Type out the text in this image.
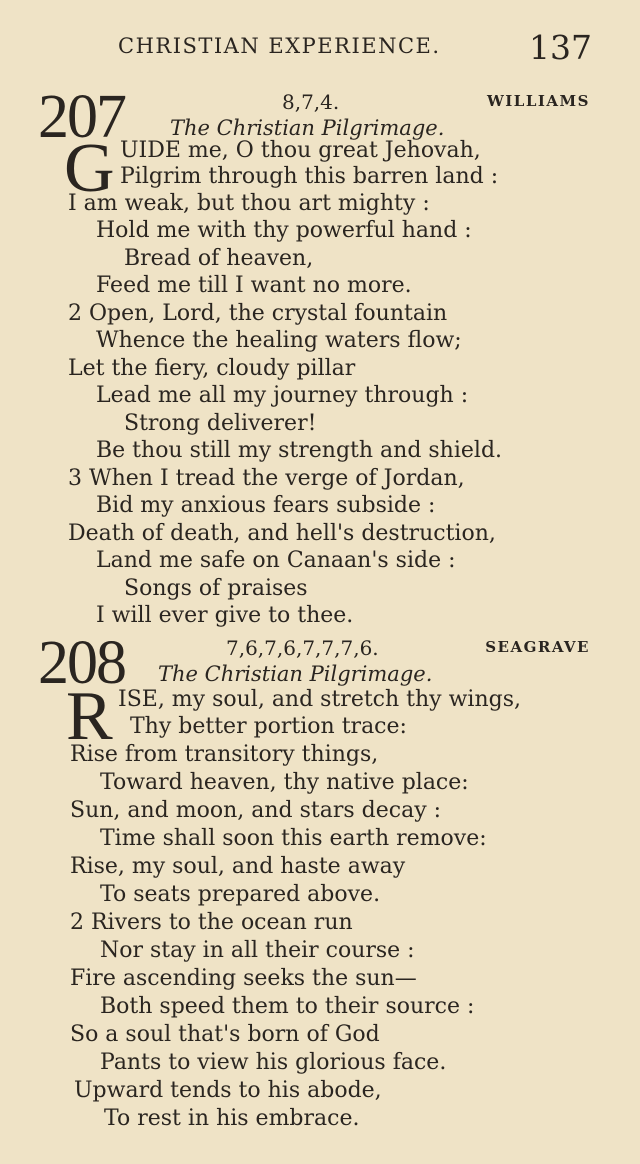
CHRISTIAN EXPERIENCE.	137
207	8,7,4.	WILLIAMS
The Christian Pilgrimage.
G UIDE me, O thou great Jehovah,
Pilgrim through this barren land :
I am weak, but thou art mighty :
Hold me with thy powerful hand :
Bread of heaven,
Feed me till I want no more.
2 Open, Lord, the crystal fountain
Whence the healing waters flow;
Let the fiery, cloudy pillar
Lead me all my journey through :
Strong deliverer!
Be thou still my strength and shield.
3 When I tread the verge of Jordan,
Bid my anxious fears subside :
Death of death, and hell's destruction,
Land me safe on Canaan's side :
Songs of praises
I will ever give to thee.
208	7,6,7,6,7,7,7,6.	SEAGRAVE
The Christian Pilgrimage.
R ISE, my soul, and stretch thy wings,
Thy better portion trace:
Rise from transitory things,
Toward heaven, thy native place:
Sun, and moon, and stars decay :
Time shall soon this earth remove:
Rise, my soul, and haste away
To seats prepared above.
2 Rivers to the ocean run
Nor stay in all their course :
Fire ascending seeks the sun—
Both speed them to their source :
So a soul that's born of God
Pants to view his glorious face.
Upward tends to his abode,
To rest in his embrace.
